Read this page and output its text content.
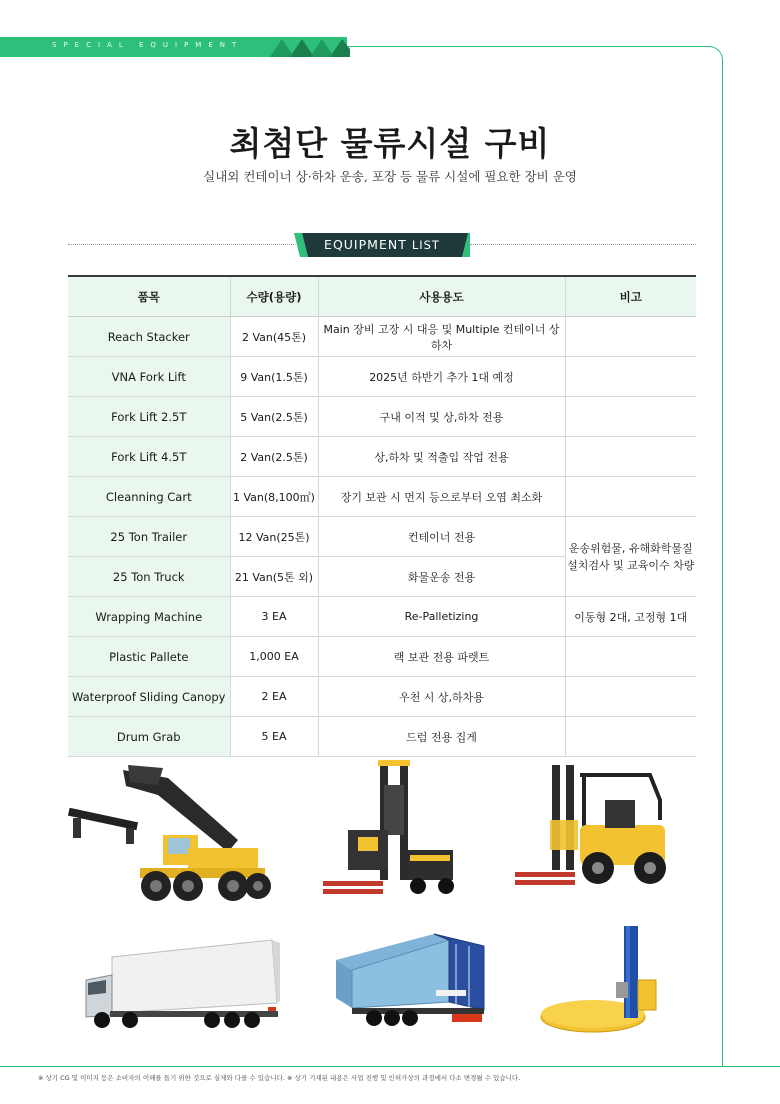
SPECIAL EQUIPMENT
최첨단 물류시설 구비
실내외 컨테이너 상·하차 운송, 포장 등 물류 시설에 필요한 장비 운영
EQUIPMENT LIST
품목	수량(용량)	사용용도	비고
Reach Stacker	2 Van(45톤)	Main 장비 고장 시 대응 및 Multiple 컨테이너 상하차	
VNA Fork Lift	9 Van(1.5톤)	2025년 하반기 추가 1대 예정	
Fork Lift 2.5T	5 Van(2.5톤)	구내 이적 및 상,하차 전용	
Fork Lift 4.5T	2 Van(2.5톤)	상,하차 및 적출입 작업 전용	
Cleanning Cart	1 Van(8,100㎡)	장기 보관 시 먼지 등으로부터 오염 최소화	
25 Ton Trailer	12 Van(25톤)	컨테이너 전용	운송위험물, 유해화학물질
설치검사 및 교육이수 차량
25 Ton Truck	21 Van(5톤 외)	화물운송 전용	
Wrapping Machine	3 EA	Re-Palletizing	이동형 2대, 고정형 1대
Plastic Pallete	1,000 EA	랙 보관 전용 파렛트	
Waterproof Sliding Canopy	2 EA	우천 시 상,하차용	
Drum Grab	5 EA	드럼 전용 집게	
※ 상기 CG 및 이미지 등은 소비자의 이해를 돕기 위한 것으로 실제와 다를 수 있습니다. ※ 상기 기재된 내용은 사업 진행 및 인허가상의 과정에서 다소 변경될 수 있습니다.
